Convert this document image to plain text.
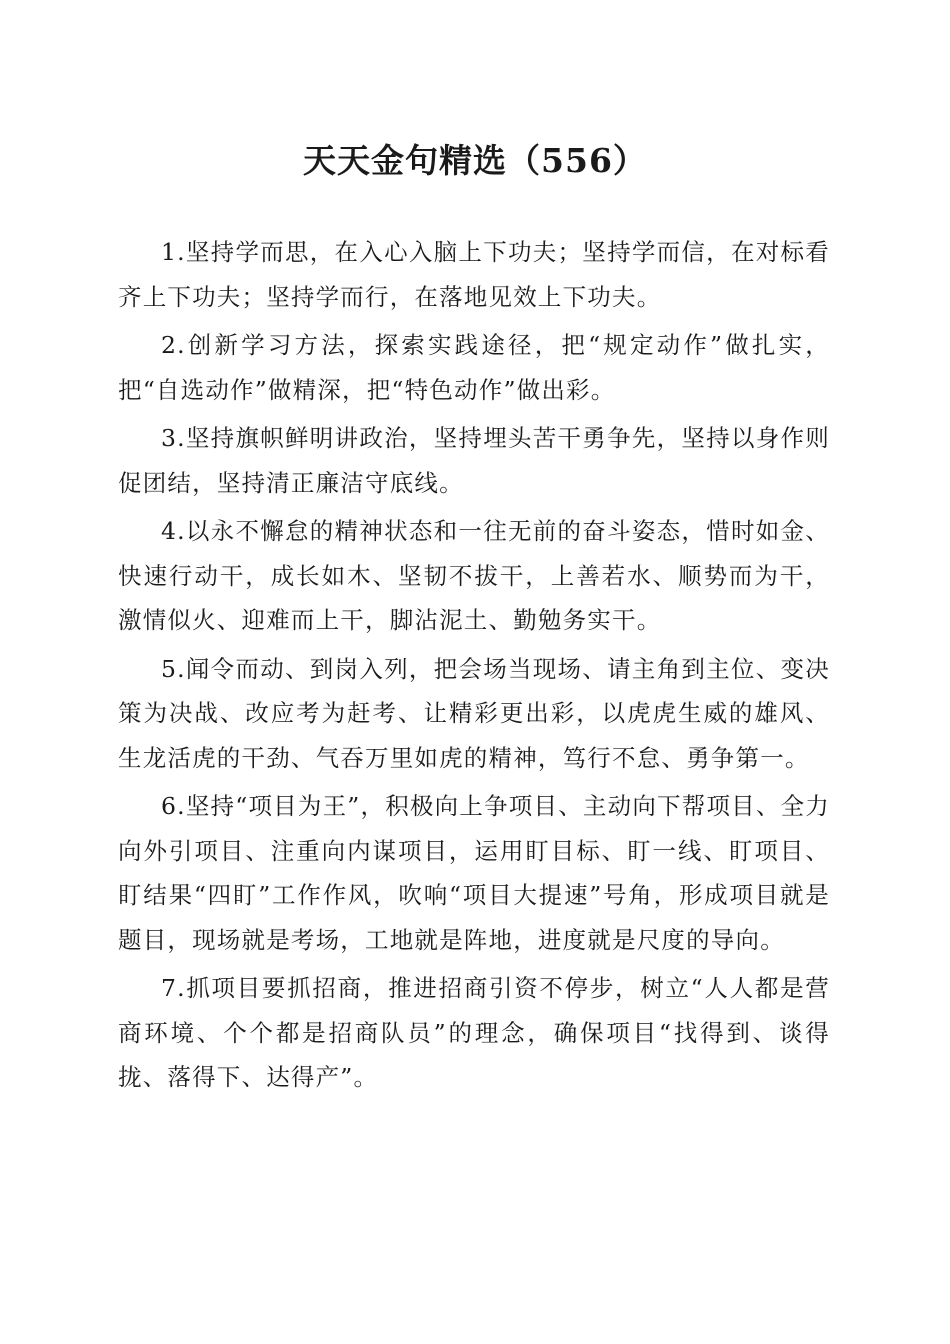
天天金句精选（556）

1.坚持学而思，在入心入脑上下功夫；坚持学而信，在对标看齐上下功夫；坚持学而行，在落地见效上下功夫。

2.创新学习方法，探索实践途径，把“规定动作”做扎实，把“自选动作”做精深，把“特色动作”做出彩。

3.坚持旗帜鲜明讲政治，坚持埋头苦干勇争先，坚持以身作则促团结，坚持清正廉洁守底线。

4.以永不懈怠的精神状态和一往无前的奋斗姿态，惜时如金、快速行动干，成长如木、坚韧不拔干，上善若水、顺势而为干，激情似火、迎难而上干，脚沾泥土、勤勉务实干。

5.闻令而动、到岗入列，把会场当现场、请主角到主位、变决策为决战、改应考为赶考、让精彩更出彩，以虎虎生威的雄风、生龙活虎的干劲、气吞万里如虎的精神，笃行不怠、勇争第一。

6.坚持“项目为王”，积极向上争项目、主动向下帮项目、全力向外引项目、注重向内谋项目，运用盯目标、盯一线、盯项目、盯结果“四盯”工作作风，吹响“项目大提速”号角，形成项目就是题目，现场就是考场，工地就是阵地，进度就是尺度的导向。

7.抓项目要抓招商，推进招商引资不停步，树立“人人都是营商环境、个个都是招商队员”的理念，确保项目“找得到、谈得拢、落得下、达得产”。
